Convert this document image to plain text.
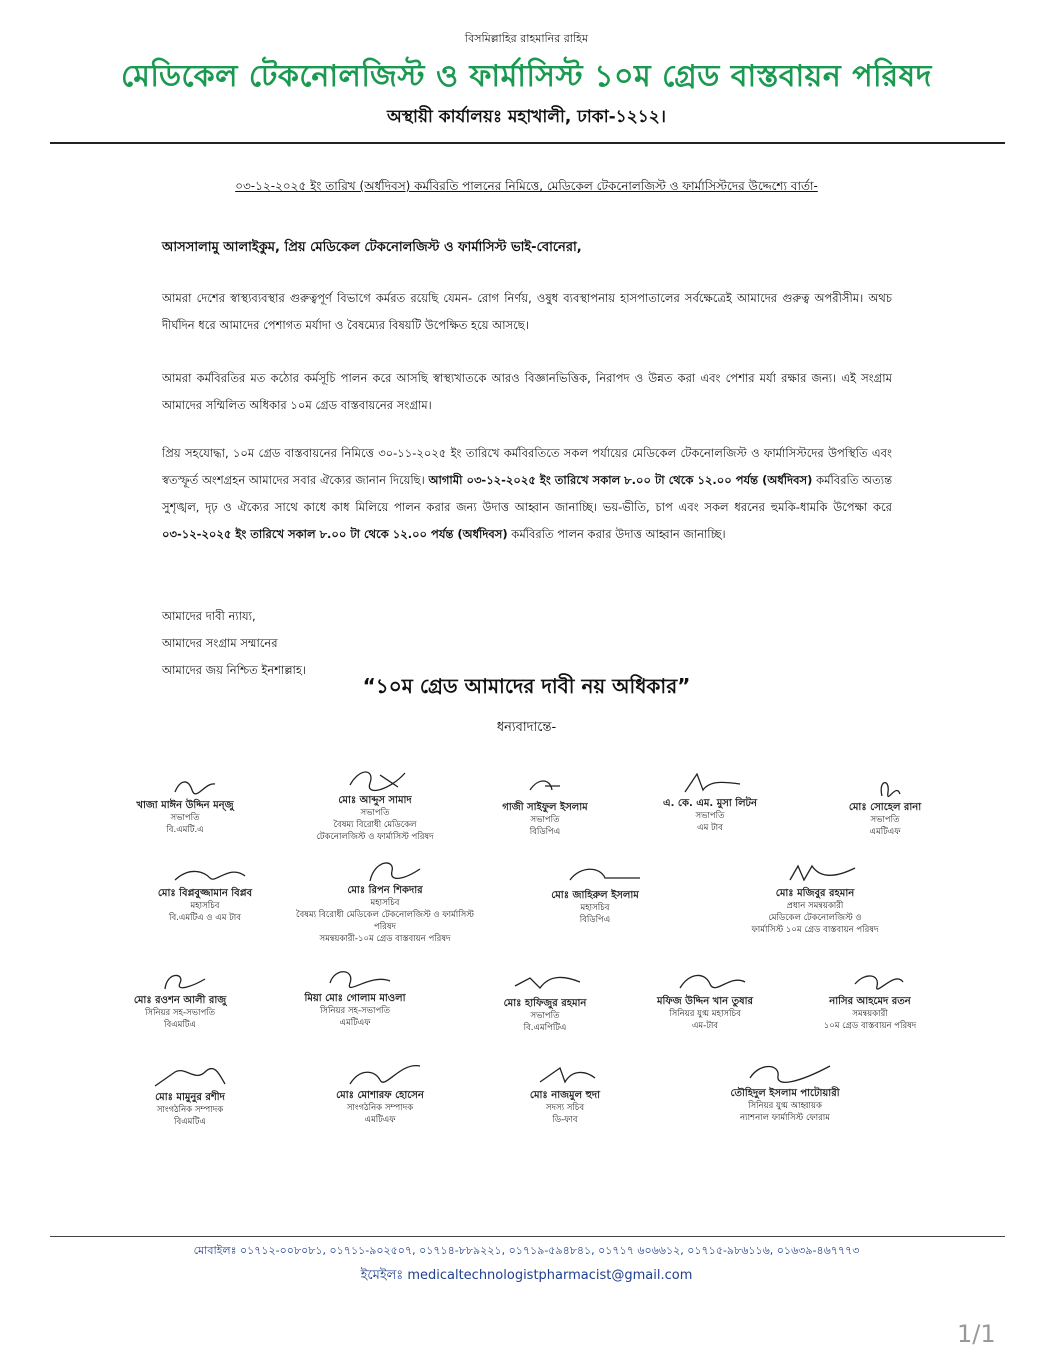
বিসমিল্লাহির রাহমানির রাহিম
মেডিকেল টেকনোলজিস্ট ও ফার্মাসিস্ট ১০ম গ্রেড বাস্তবায়ন পরিষদ
অস্থায়ী কার্যালয়ঃ মহাখালী, ঢাকা-১২১২।
০৩-১২-২০২৫ ইং তারিখ (অর্ধদিবস) কর্মবিরতি পালনের নিমিত্তে, মেডিকেল টেকনোলজিস্ট ও ফার্মাসিস্টদের উদ্দেশ্যে বার্তা-
আসসালামু আলাইকুম, প্রিয় মেডিকেল টেকনোলজিস্ট ও ফার্মাসিস্ট ভাই-বোনেরা,
আমরা দেশের স্বাস্থ্যব্যবস্থার গুরুত্বপূর্ণ বিভাগে কর্মরত রয়েছি যেমন- রোগ নির্ণয়, ওষুধ ব্যবস্থাপনায় হাসপাতালের সর্বক্ষেত্রেই আমাদের গুরুত্ব অপরীসীম। অথচ দীর্ঘদিন ধরে আমাদের পেশাগত মর্যাদা ও বৈষম্যের বিষয়টি উপেক্ষিত হয়ে আসছে।
আমরা কর্মবিরতির মত কঠোর কর্মসূচি পালন করে আসছি স্বাস্থ্যখাতকে আরও বিজ্ঞানভিত্তিক, নিরাপদ ও উন্নত করা এবং পেশার মর্যা রক্ষার জন্য। এই সংগ্রাম আমাদের সম্মিলিত অধিকার ১০ম গ্রেড বাস্তবায়নের সংগ্রাম।
প্রিয় সহযোদ্ধা, ১০ম গ্রেড বাস্তবায়নের নিমিত্তে ৩০-১১-২০২৫ ইং তারিখে কর্মবিরতিতে সকল পর্যায়ের মেডিকেল টেকনোলজিস্ট ও ফার্মাসিস্টদের উপস্থিতি এবং স্বতস্ফূর্ত অংশগ্রহন আমাদের সবার ঐক্যের জানান দিয়েছি। আগামী ০৩-১২-২০২৫ ইং তারিখে সকাল ৮.০০ টা থেকে ১২.০০ পর্যন্ত (অর্ধদিবস) কর্মবিরতি অত্যন্ত সুশৃঙ্খল, দৃঢ় ও ঐক্যের সাথে কাধে কাধ মিলিয়ে পালন করার জন্য উদাত্ত আহ্বান জানাচ্ছি। ভয়-ভীতি, চাপ এবং সকল ধরনের হুমকি-ধামকি উপেক্ষা করে ০৩-১২-২০২৫ ইং তারিখে সকাল ৮.০০ টা থেকে ১২.০০ পর্যন্ত (অর্ধদিবস) কর্মবিরতি পালন করার উদাত্ত আহ্বান জানাচ্ছি।
আমাদের দাবী ন্যায্য,
আমাদের সংগ্রাম সম্মানের
আমাদের জয় নিশ্চিত ইনশাল্লাহ।
“১০ম গ্রেড আমাদের দাবী নয় অধিকার”
ধন্যবাদান্তে-
খাজা মাঈন উদ্দিন মন্জু
সভাপতি
বি.এমটি.এ
মোঃ আব্দুস সামাদ
সভাপতি
বৈষম্য বিরোধী মেডিকেল
টেকনোলজিস্ট ও ফার্মাসিস্ট পরিষদ
গাজী সাইফুল ইসলাম
সভাপতি
বিডিপিএ
এ. কে. এম. মুসা লিটন
সভাপতি
এম টাব
মোঃ সোহেল রানা
সভাপতি
এমটিএফ
মোঃ বিপ্লবুজ্জামান বিপ্লব
মহাসচিব
বি.এমটিএ ও এম টাব
মোঃ রিপন শিকদার
মহাসচিব
বৈষম্য বিরোধী মেডিকেল টেকনোলজিস্ট ও ফার্মাসিস্ট পরিষদ
সমন্বয়কারী-১০ম গ্রেড বাস্তবায়ন পরিষদ
মোঃ জাহিরুল ইসলাম
মহাসচিব
বিডিপিএ
মোঃ মজিবুর রহমান
প্রধান সমন্বয়কারী
মেডিকেল টেকনোলজিস্ট ও
ফার্মাসিস্ট ১০ম গ্রেড বাস্তবায়ন পরিষদ
মোঃ রওশন আলী রাজু
সিনিয়র সহ-সভাপতি
বিএমটিএ
মিয়া মোঃ গোলাম মাওলা
সিনিয়র সহ-সভাপতি
এমটিএফ
মোঃ হাফিজুর রহমান
সভাপতি
বি.এমপিটিএ
মফিজ উদ্দিন খান তুষার
সিনিয়র যুগ্ম মহাসচিব
এম-টাব
নাসির আহমেদ রতন
সমন্বয়কারী
১০ম গ্রেড বাস্তবায়ন পরিষদ
মোঃ মামুনুর রশীদ
সাংগঠনিক সম্পাদক
বিএমটিএ
মোঃ মোশারফ হোসেন
সাংগঠনিক সম্পাদক
এমটিএফ
মোঃ নাজমুল হুদা
সদস্য সচিব
ডি-ফাব
তৌহিদুল ইসলাম পাটোয়ারী
সিনিয়র যুগ্ম আহ্বায়ক
ন্যাশনাল ফার্মাসিস্ট ফোরাম
মোবাইলঃ ০১৭১২-০০৮০৮১, ০১৭১১-৯০২৫০৭, ০১৭১৪-৮৮৯২২১, ০১৭১৯-৫৯৪৮৪১, ০১৭১৭ ৬০৬৬১২, ০১৭১৫-৯৮৬১১৬, ০১৬৩৯-৪৬৭৭৭৩
ইমেইলঃ medicaltechnologistpharmacist@gmail.com
1/1
